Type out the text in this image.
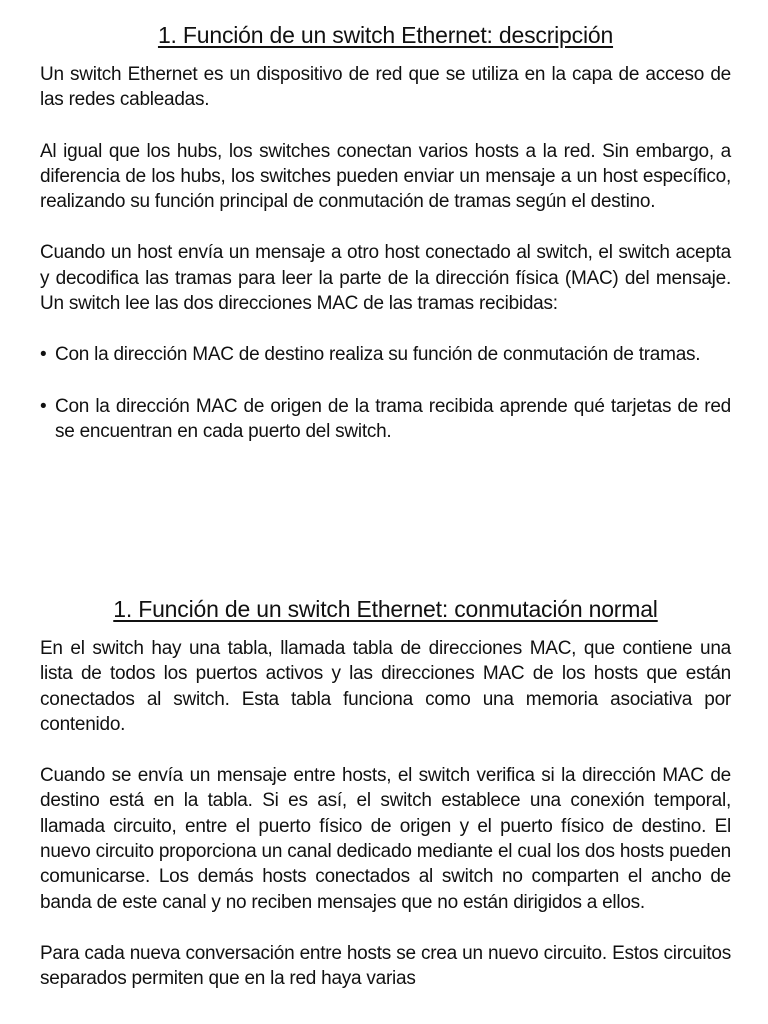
1. Función de un switch Ethernet: descripción

Un switch Ethernet es un dispositivo de red que se utiliza en la capa de acceso de las redes cableadas.

Al igual que los hubs, los switches conectan varios hosts a la red. Sin embargo, a diferencia de los hubs, los switches pueden enviar un mensaje a un host específico, realizando su función principal de conmutación de tramas según el destino.

Cuando un host envía un mensaje a otro host conectado al switch, el switch acepta y decodifica las tramas para leer la parte de la dirección física (MAC) del mensaje. Un switch lee las dos direcciones MAC de las tramas recibidas:

• Con la dirección MAC de destino realiza su función de conmutación de tramas.
• Con la dirección MAC de origen de la trama recibida aprende qué tarjetas de red se encuentran en cada puerto del switch.
1. Función de un switch Ethernet: conmutación normal

En el switch hay una tabla, llamada tabla de direcciones MAC, que contiene una lista de todos los puertos activos y las direcciones MAC de los hosts que están conectados al switch. Esta tabla funciona como una memoria asociativa por contenido.

Cuando se envía un mensaje entre hosts, el switch verifica si la dirección MAC de destino está en la tabla. Si es así, el switch establece una conexión temporal, llamada circuito, entre el puerto físico de origen y el puerto físico de destino. El nuevo circuito proporciona un canal dedicado mediante el cual los dos hosts pueden comunicarse. Los demás hosts conectados al switch no comparten el ancho de banda de este canal y no reciben mensajes que no están dirigidos a ellos.

Para cada nueva conversación entre hosts se crea un nuevo circuito. Estos circuitos separados permiten que en la red haya varias
